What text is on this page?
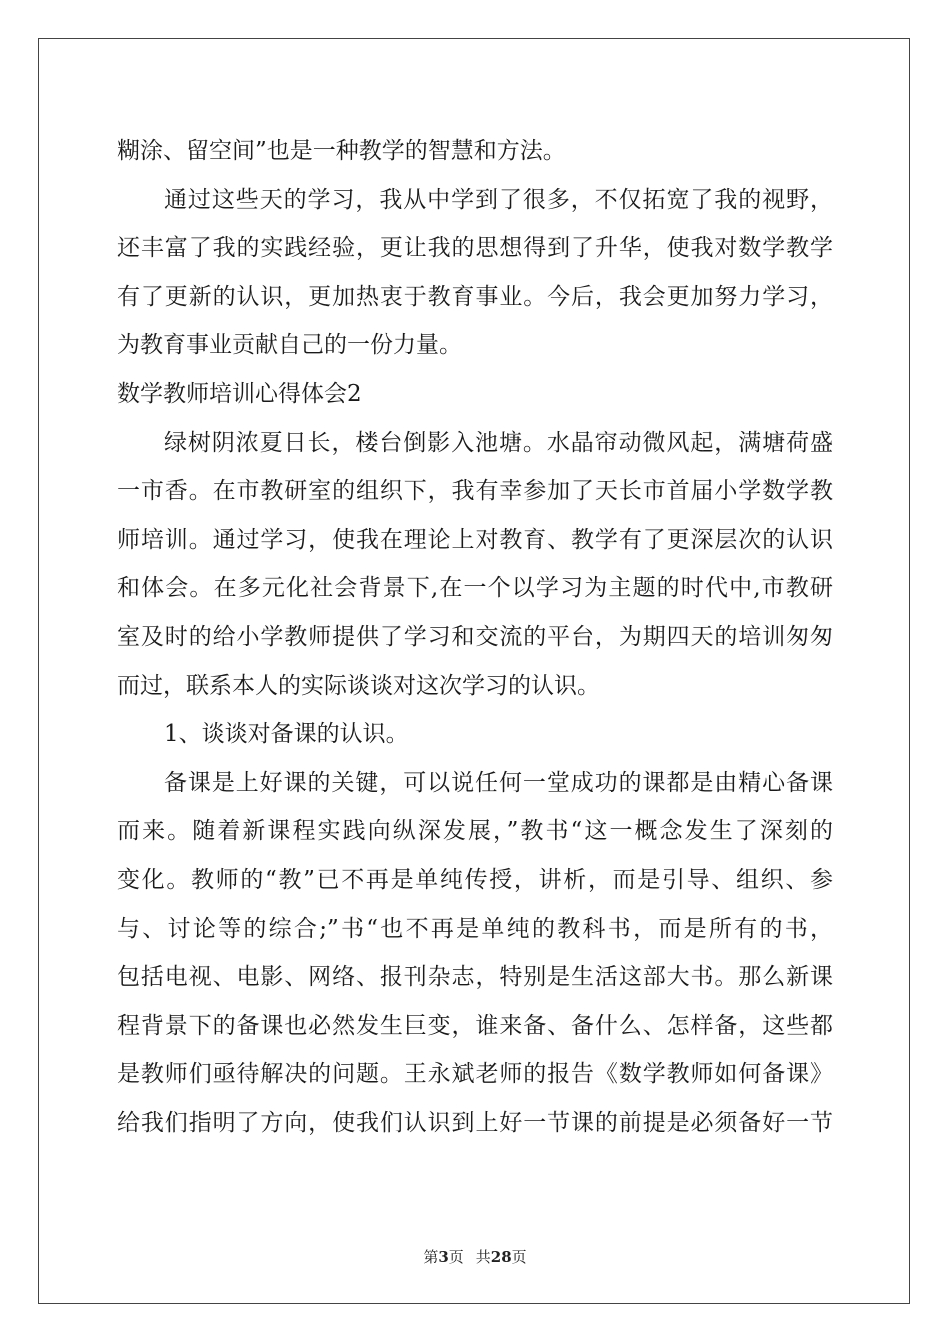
糊涂、留空间”也是一种教学的智慧和方法。
通过这些天的学习，我从中学到了很多，不仅拓宽了我的视野，
还丰富了我的实践经验，更让我的思想得到了升华，使我对数学教学
有了更新的认识，更加热衷于教育事业。今后，我会更加努力学习，
为教育事业贡献自己的一份力量。
数学教师培训心得体会2
绿树阴浓夏日长，楼台倒影入池塘。水晶帘动微风起，满塘荷盛
一市香。在市教研室的组织下，我有幸参加了天长市首届小学数学教
师培训。通过学习，使我在理论上对教育、教学有了更深层次的认识
和体会。在多元化社会背景下,在一个以学习为主题的时代中,市教研
室及时的给小学教师提供了学习和交流的平台，为期四天的培训匆匆
而过，联系本人的实际谈谈对这次学习的认识。
1、谈谈对备课的认识。
备课是上好课的关键，可以说任何一堂成功的课都是由精心备课
而来。随着新课程实践向纵深发展，”教书“这一概念发生了深刻的
变化。教师的“教”已不再是单纯传授，讲析，而是引导、组织、参
与、讨论等的综合;”书“也不再是单纯的教科书，而是所有的书，
包括电视、电影、网络、报刊杂志，特别是生活这部大书。那么新课
程背景下的备课也必然发生巨变，谁来备、备什么、怎样备，这些都
是教师们亟待解决的问题。王永斌老师的报告《数学教师如何备课》
给我们指明了方向，使我们认识到上好一节课的前提是必须备好一节
第3页 共28页
